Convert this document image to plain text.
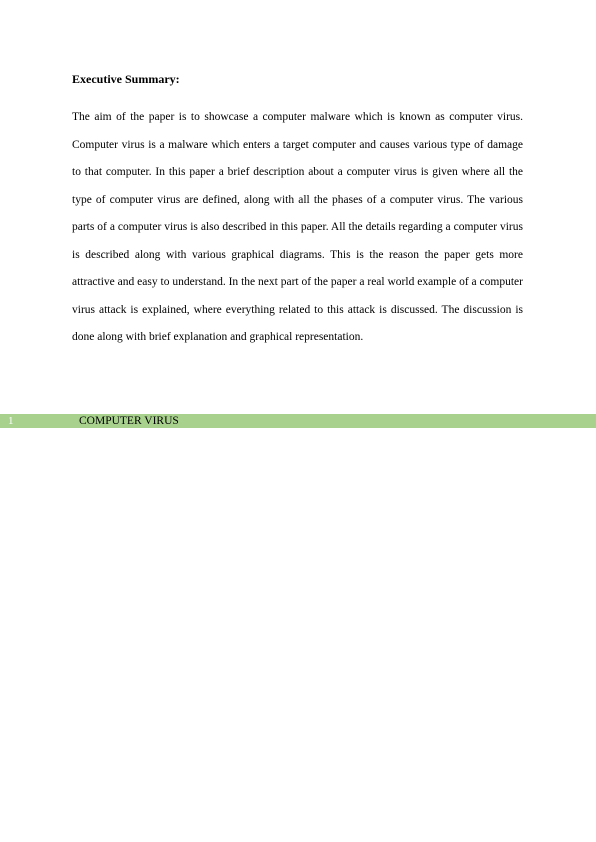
Executive Summary:

The aim of the paper is to showcase a computer malware which is known as computer virus. Computer virus is a malware which enters a target computer and causes various type of damage to that computer. In this paper a brief description about a computer virus is given where all the type of computer virus are defined, along with all the phases of a computer virus. The various parts of a computer virus is also described in this paper. All the details regarding a computer virus is described along with various graphical diagrams. This is the reason the paper gets more attractive and easy to understand. In the next part of the paper a real world example of a computer virus attack is explained, where everything related to this attack is discussed. The discussion is done along with brief explanation and graphical representation.

1	COMPUTER VIRUS
